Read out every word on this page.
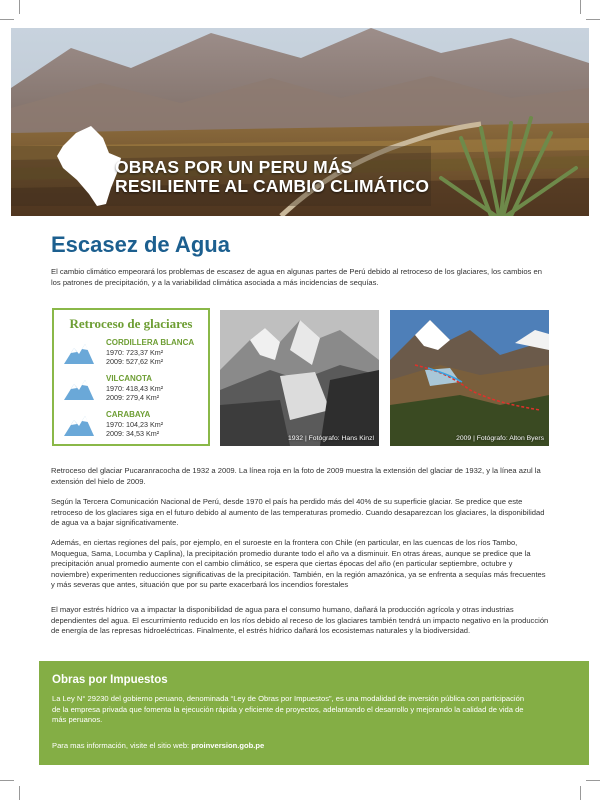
OBRAS POR UN PERU MÁS
RESILIENTE AL CAMBIO CLIMÁTICO
Escasez de Agua
El cambio climático empeorará los problemas de escasez de agua en algunas partes de Perú debido al retroceso de los glaciares, los cambios en los patrones de precipitación, y a la variabilidad climática asociada a más incidencias de sequías.
Retroceso de glaciares
CORDILLERA BLANCA
1970: 723,37 Km²
2009: 527,62 Km²
VILCANOTA
1970: 418,43 Km²
2009: 279,4 Km²
CARABAYA
1970: 104,23 Km²
2009: 34,53 Km²
1932 | Fotógrafo: Hans Kinzl	2009 | Fotógrafo: Alton Byers
Retroceso del glaciar Pucaranracocha de 1932 a 2009. La línea roja en la foto de 2009 muestra la extensión del glaciar de 1932, y la línea azul la extensión del hielo de 2009.
Según la Tercera Comunicación Nacional de Perú, desde 1970 el país ha perdido más del 40% de su superficie glaciar. Se predice que este retroceso de los glaciares siga en el futuro debido al aumento de las temperaturas promedio. Cuando desaparezcan los glaciares, la disponibilidad de agua va a bajar significativamente.
Además, en ciertas regiones del país, por ejemplo, en el suroeste en la frontera con Chile (en particular, en las cuencas de los ríos Tambo, Moquegua, Sama, Locumba y Caplina), la precipitación promedio durante todo el año va a disminuir. En otras áreas, aunque se predice que la precipitación anual promedio aumente con el cambio climático, se espera que ciertas épocas del año (en particular septiembre, octubre y noviembre) experimenten reducciones significativas de la precipitación. También, en la región amazónica, ya se enfrenta a sequías más frecuentes y más severas que antes, situación que por su parte exacerbará los incendios forestales
El mayor estrés hídrico va a impactar la disponibilidad de agua para el consumo humano, dañará la producción agrícola y otras industrias dependientes del agua. El escurrimiento reducido en los ríos debido al receso de los glaciares también tendrá un impacto negativo en la producción de energía de las represas hidroeléctricas. Finalmente, el estrés hídrico dañará los ecosistemas naturales y la biodiversidad.
Obras por Impuestos
La Ley N° 29230 del gobierno peruano, denominada “Ley de Obras por Impuestos”, es una modalidad de inversión pública con participación de la empresa privada que fomenta la ejecución rápida y eficiente de proyectos, adelantando el desarrollo y mejorando la calidad de vida de más peruanos.
Para mas información, visite el sitio web: proinversion.gob.pe
